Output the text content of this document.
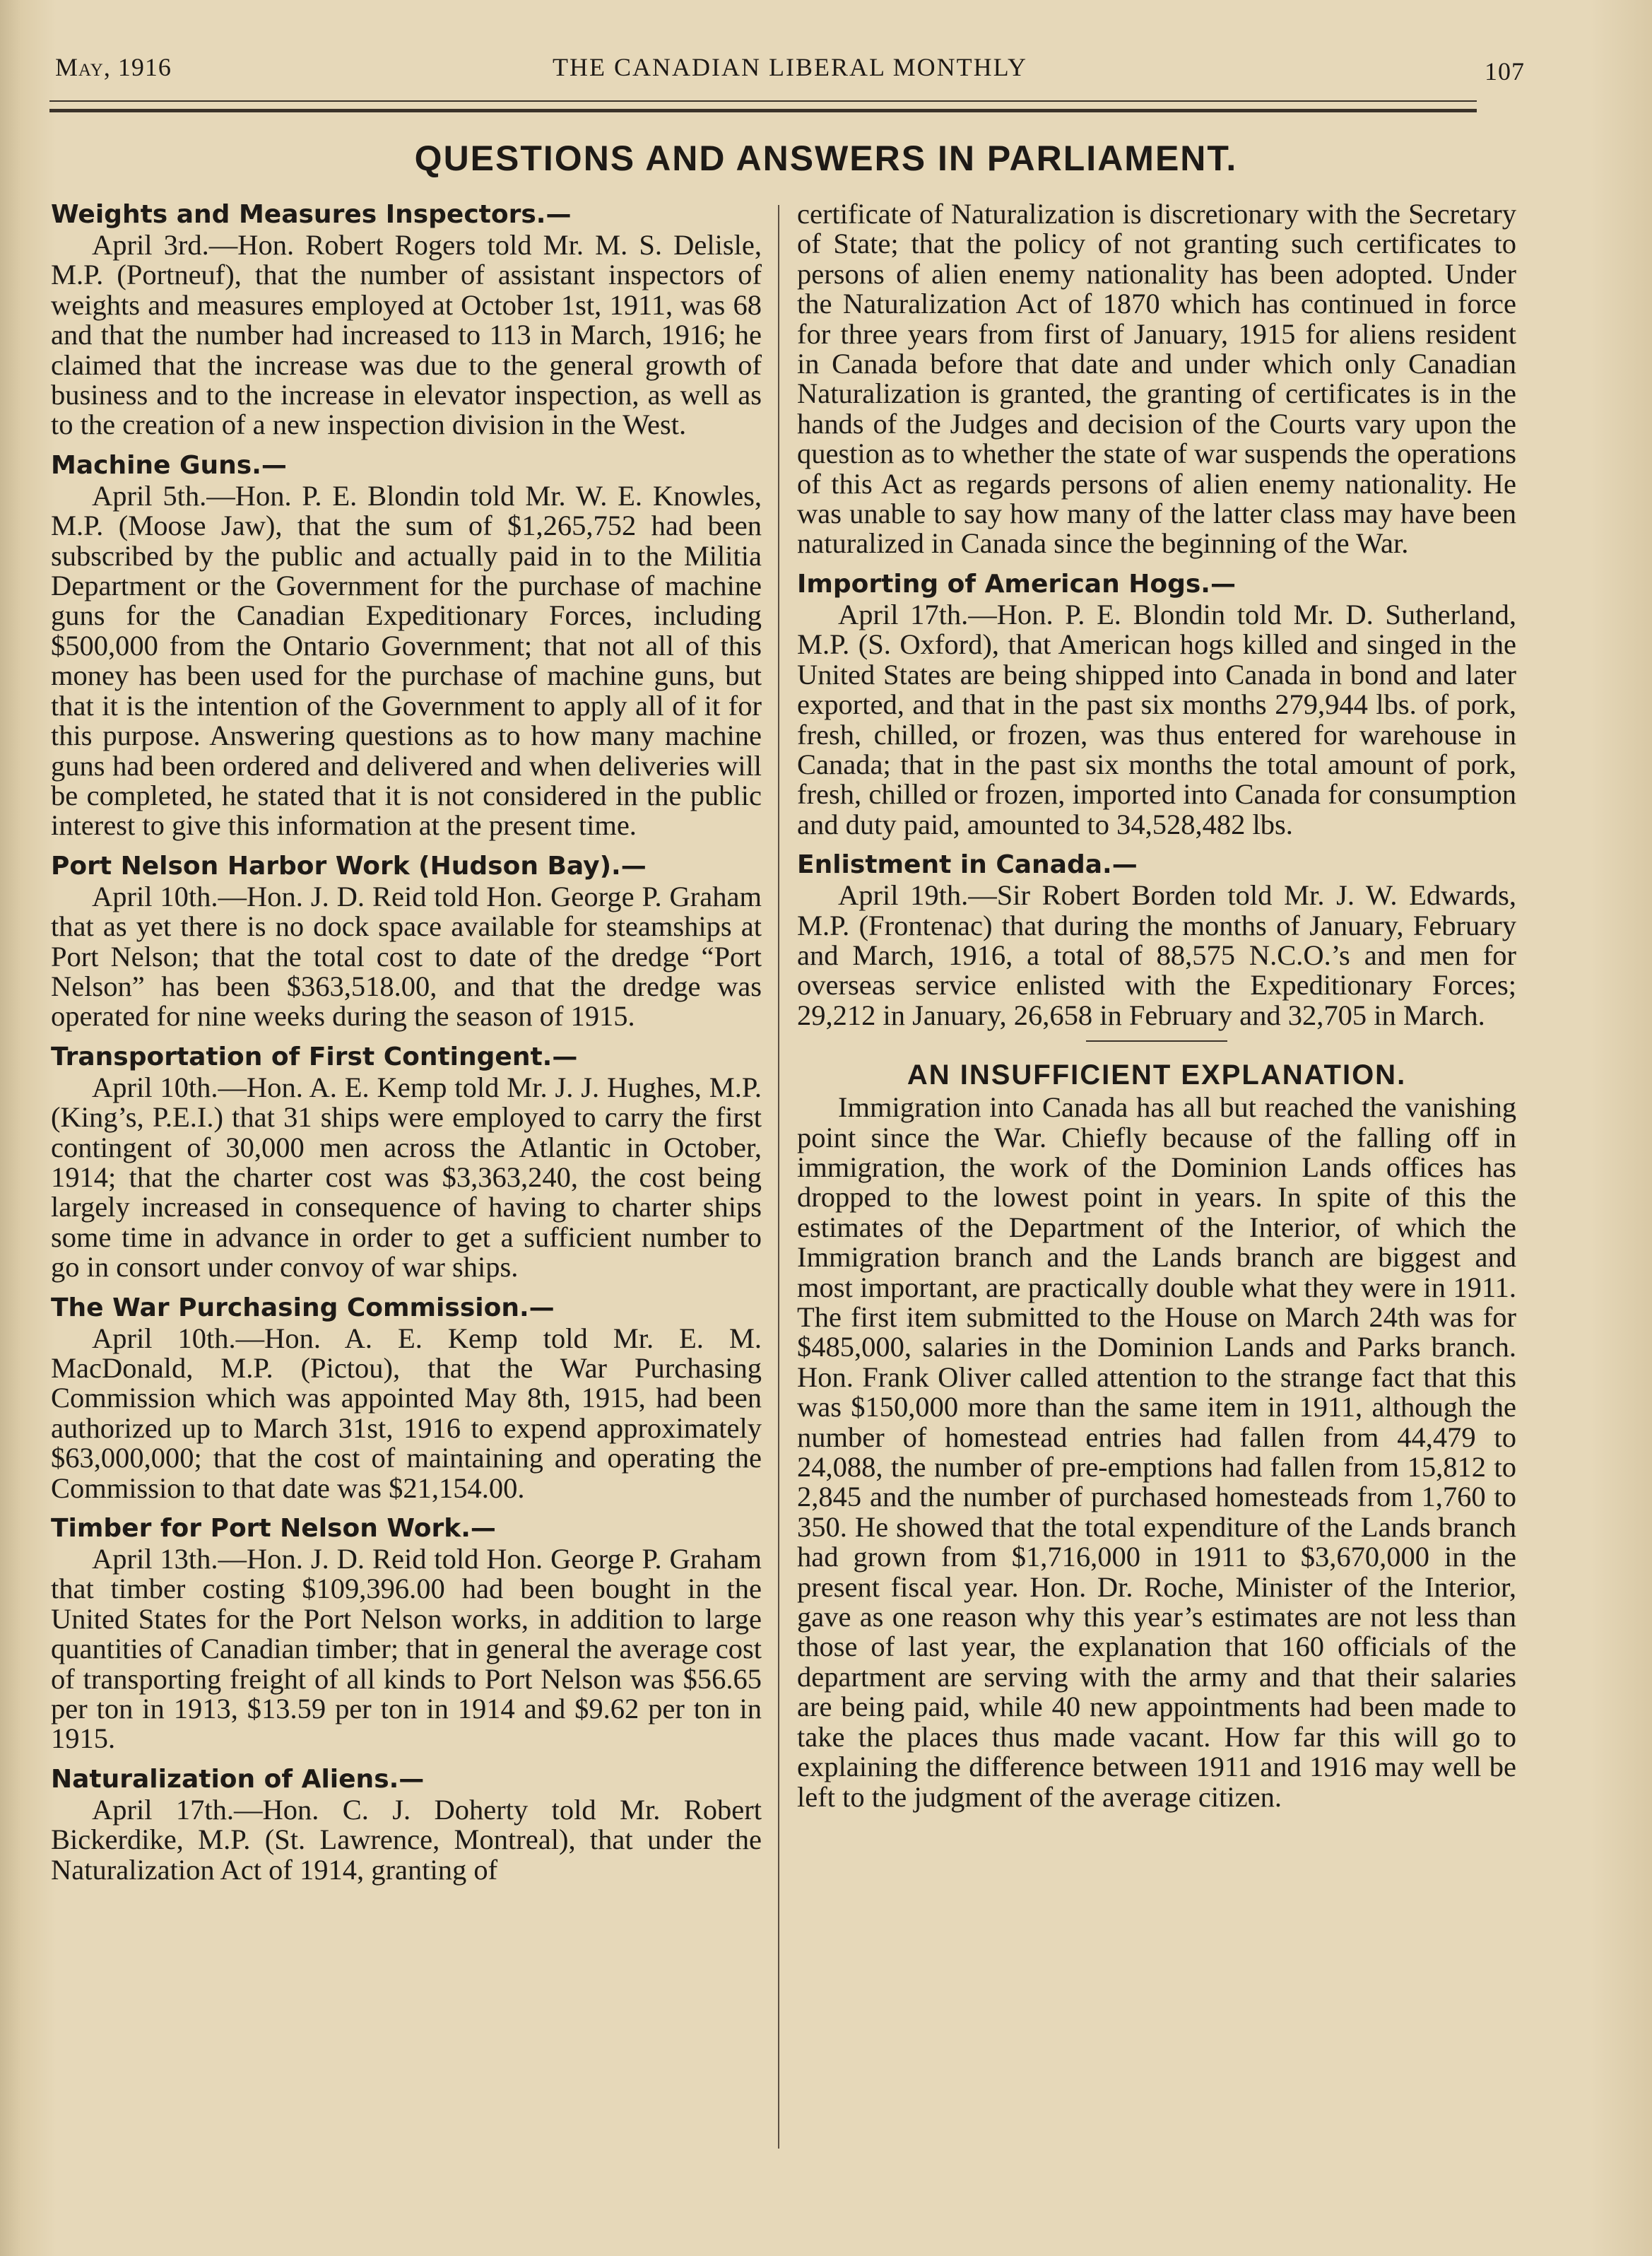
May, 1916	THE CANADIAN LIBERAL MONTHLY	107
QUESTIONS AND ANSWERS IN PARLIAMENT.
Weights and Measures Inspectors.—

April 3rd.—Hon. Robert Rogers told Mr. M. S. Delisle, M.P. (Portneuf), that the number of assistant inspectors of weights and measures employed at October 1st, 1911, was 68 and that the number had increased to 113 in March, 1916; he claimed that the increase was due to the general growth of business and to the increase in elevator inspection, as well as to the creation of a new inspection division in the West.

Machine Guns.—

April 5th.—Hon. P. E. Blondin told Mr. W. E. Knowles, M.P. (Moose Jaw), that the sum of $1,265,752 had been subscribed by the public and actually paid in to the Militia Department or the Government for the purchase of machine guns for the Canadian Expeditionary Forces, including $500,000 from the Ontario Government; that not all of this money has been used for the purchase of machine guns, but that it is the intention of the Government to apply all of it for this purpose. Answering questions as to how many machine guns had been ordered and delivered and when deliveries will be completed, he stated that it is not considered in the public interest to give this information at the present time.

Port Nelson Harbor Work (Hudson Bay).—

April 10th.—Hon. J. D. Reid told Hon. George P. Graham that as yet there is no dock space available for steamships at Port Nelson; that the total cost to date of the dredge “Port Nelson” has been $363,518.00, and that the dredge was operated for nine weeks during the season of 1915.

Transportation of First Contingent.—

April 10th.—Hon. A. E. Kemp told Mr. J. J. Hughes, M.P. (King’s, P.E.I.) that 31 ships were employed to carry the first contingent of 30,000 men across the Atlantic in October, 1914; that the charter cost was $3,363,240, the cost being largely increased in consequence of having to charter ships some time in advance in order to get a sufficient number to go in consort under convoy of war ships.

The War Purchasing Commission.—

April 10th.—Hon. A. E. Kemp told Mr. E. M. MacDonald, M.P. (Pictou), that the War Purchasing Commission which was appointed May 8th, 1915, had been authorized up to March 31st, 1916 to expend approximately $63,000,000; that the cost of maintaining and operating the Commission to that date was $21,154.00.

Timber for Port Nelson Work.—

April 13th.—Hon. J. D. Reid told Hon. George P. Graham that timber costing $109,396.00 had been bought in the United States for the Port Nelson works, in addition to large quantities of Canadian timber; that in general the average cost of transporting freight of all kinds to Port Nelson was $56.65 per ton in 1913, $13.59 per ton in 1914 and $9.62 per ton in 1915.

Naturalization of Aliens.—

April 17th.—Hon. C. J. Doherty told Mr. Robert Bickerdike, M.P. (St. Lawrence, Montreal), that under the Naturalization Act of 1914, granting of

certificate of Naturalization is discretionary with the Secretary of State; that the policy of not granting such certificates to persons of alien enemy nationality has been adopted. Under the Naturalization Act of 1870 which has continued in force for three years from first of January, 1915 for aliens resident in Canada before that date and under which only Canadian Naturalization is granted, the granting of certificates is in the hands of the Judges and decision of the Courts vary upon the question as to whether the state of war suspends the operations of this Act as regards persons of alien enemy nationality. He was unable to say how many of the latter class may have been naturalized in Canada since the beginning of the War.

Importing of American Hogs.—

April 17th.—Hon. P. E. Blondin told Mr. D. Sutherland, M.P. (S. Oxford), that American hogs killed and singed in the United States are being shipped into Canada in bond and later exported, and that in the past six months 279,944 lbs. of pork, fresh, chilled, or frozen, was thus entered for warehouse in Canada; that in the past six months the total amount of pork, fresh, chilled or frozen, imported into Canada for consumption and duty paid, amounted to 34,528,482 lbs.

Enlistment in Canada.—

April 19th.—Sir Robert Borden told Mr. J. W. Edwards, M.P. (Frontenac) that during the months of January, February and March, 1916, a total of 88,575 N.C.O.’s and men for overseas service enlisted with the Expeditionary Forces; 29,212 in January, 26,658 in February and 32,705 in March.

AN INSUFFICIENT EXPLANATION.

Immigration into Canada has all but reached the vanishing point since the War. Chiefly because of the falling off in immigration, the work of the Dominion Lands offices has dropped to the lowest point in years. In spite of this the estimates of the Department of the Interior, of which the Immigration branch and the Lands branch are biggest and most important, are practically double what they were in 1911. The first item submitted to the House on March 24th was for $485,000, salaries in the Dominion Lands and Parks branch. Hon. Frank Oliver called attention to the strange fact that this was $150,000 more than the same item in 1911, although the number of homestead entries had fallen from 44,479 to 24,088, the number of pre-emptions had fallen from 15,812 to 2,845 and the number of purchased homesteads from 1,760 to 350. He showed that the total expenditure of the Lands branch had grown from $1,716,000 in 1911 to $3,670,000 in the present fiscal year. Hon. Dr. Roche, Minister of the Interior, gave as one reason why this year’s estimates are not less than those of last year, the explanation that 160 officials of the department are serving with the army and that their salaries are being paid, while 40 new appointments had been made to take the places thus made vacant. How far this will go to explaining the difference between 1911 and 1916 may well be left to the judgment of the average citizen.
